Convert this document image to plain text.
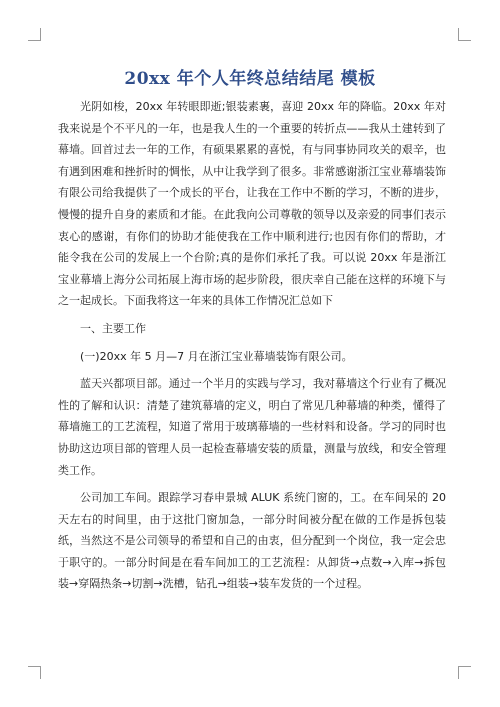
20xx 年个人年终总结结尾 模板

光阴如梭，20xx 年转眼即逝;银装素裹，喜迎 20xx 年的降临。20xx 年对我来说是个不平凡的一年，也是我人生的一个重要的转折点——我从土建转到了幕墙。回首过去一年的工作，有硕果累累的喜悦，有与同事协同攻关的艰辛，也有遇到困难和挫折时的惆怅，从中让我学到了很多。非常感谢浙江宝业幕墙装饰有限公司给我提供了一个成长的平台，让我在工作中不断的学习，不断的进步，慢慢的提升自身的素质和才能。在此我向公司尊敬的领导以及亲爱的同事们表示衷心的感谢，有你们的协助才能使我在工作中顺利进行;也因有你们的帮助，才能令我在公司的发展上一个台阶;真的是你们承托了我。可以说 20xx 年是浙江宝业幕墙上海分公司拓展上海市场的起步阶段，很庆幸自己能在这样的环境下与之一起成长。下面我将这一年来的具体工作情况汇总如下

一、主要工作

(一)20xx 年 5 月—7 月在浙江宝业幕墙装饰有限公司。

蓝天兴都项目部。通过一个半月的实践与学习，我对幕墙这个行业有了概况性的了解和认识：清楚了建筑幕墙的定义，明白了常见几种幕墙的种类，懂得了幕墙施工的工艺流程，知道了常用于玻璃幕墙的一些材料和设备。学习的同时也协助这边项目部的管理人员一起检查幕墙安装的质量，测量与放线，和安全管理类工作。

公司加工车间。跟踪学习春申景城 ALUK 系统门窗的，工。在车间呆的 20 天左右的时间里，由于这批门窗加急，一部分时间被分配在做的工作是拆包装纸，当然这不是公司领导的希望和自己的由衷，但分配到一个岗位，我一定会忠于职守的。一部分时间是在看车间加工的工艺流程：从卸货→点数→入库→拆包装→穿隔热条→切割→洗槽，钻孔→组装→装车发货的一个过程。
